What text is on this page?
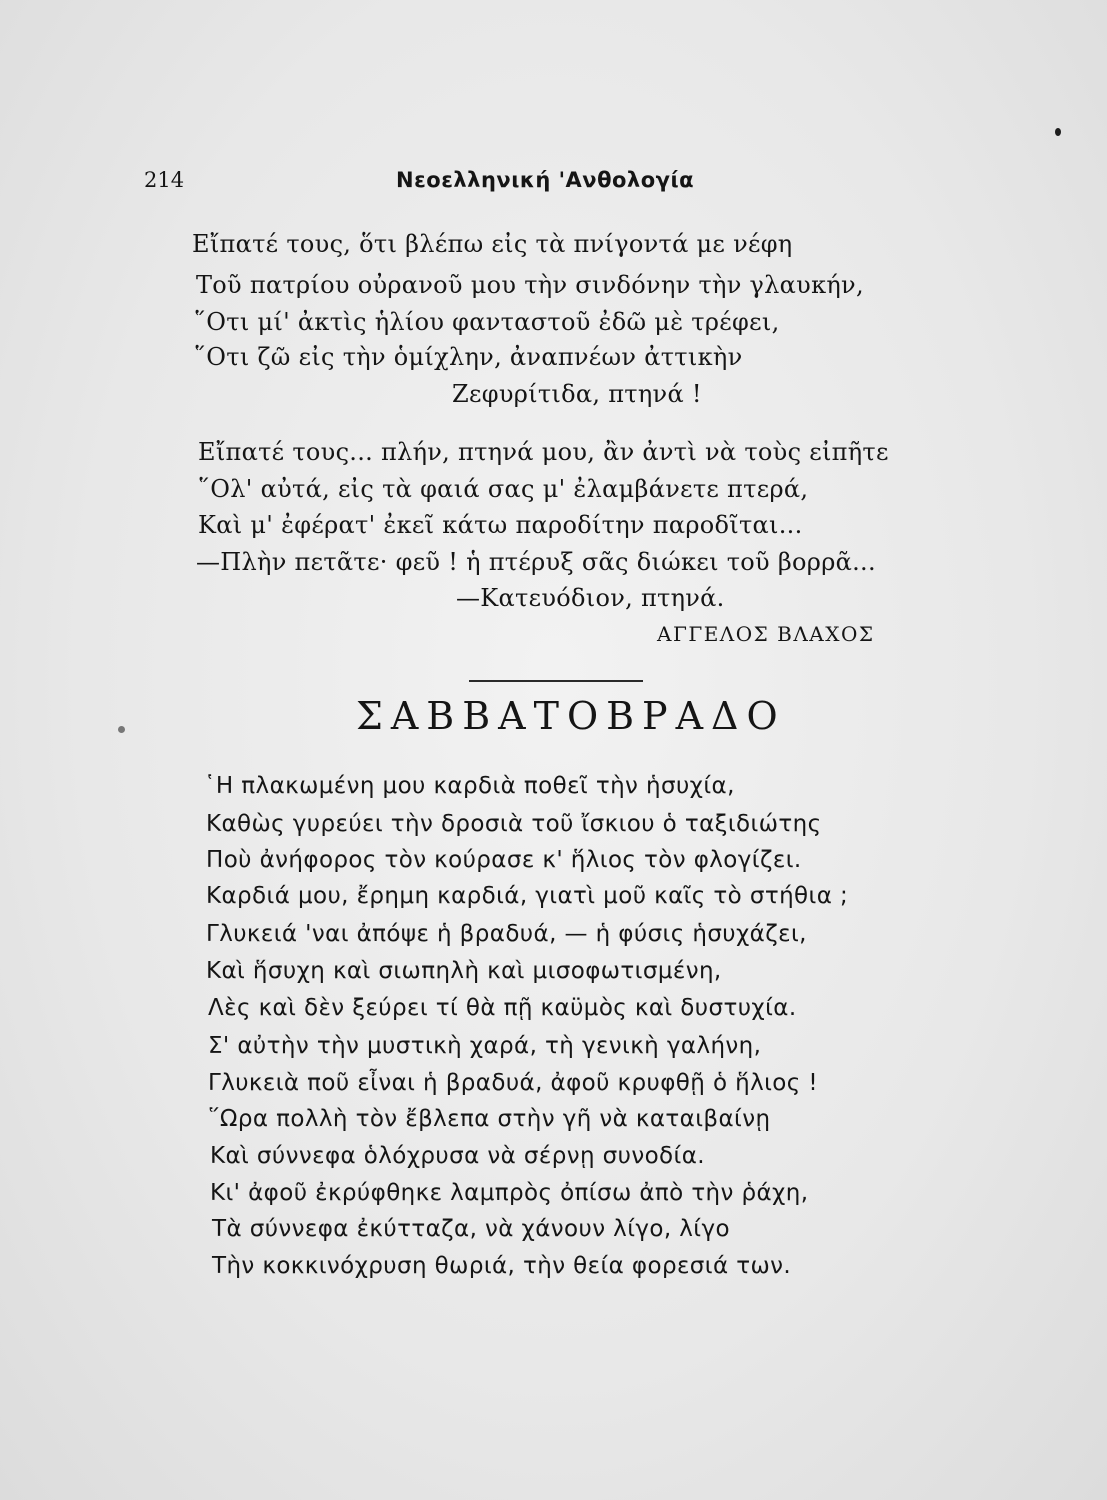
214	Νεοελληνική 'Ανθολογία
Εἴπατέ τους, ὅτι βλέπω εἰς τὰ πνίγοντά με νέφη
Τοῦ πατρίου οὐρανοῦ μου τὴν σινδόνην τὴν γλαυκήν,
῞Οτι μί' ἀκτὶς ἡλίου φανταστοῦ ἐδῶ μὲ τρέφει,
῞Οτι ζῶ εἰς τὴν ὁμίχλην, ἀναπνέων ἀττικὴν
Ζεφυρίτιδα, πτηνά !
Εἴπατέ τους... πλήν, πτηνά μου, ἂν ἀντὶ νὰ τοὺς εἰπῆτε
῞Ολ' αὐτά, εἰς τὰ φαιά σας μ' ἐλαμβάνετε πτερά,
Καὶ μ' ἐφέρατ' ἐκεῖ κάτω παροδίτην παροδῖται...
—Πλὴν πετᾶτε· φεῦ ! ἡ πτέρυξ σᾶς διώκει τοῦ βορρᾶ...
—Κατευόδιον, πτηνά.
ΑΓΓΕΛΟΣ ΒΛΑΧΟΣ
ΣΑΒΒΑΤΟΒΡΑΔΟ
῾Η πλακωμένη μου καρδιὰ ποθεῖ τὴν ἡσυχία,
Καθὼς γυρεύει τὴν δροσιὰ τοῦ ἴσκιου ὁ ταξιδιώτης
Ποὺ ἀνήφορος τὸν κούρασε κ' ἥλιος τὸν φλογίζει.
Καρδιά μου, ἔρημη καρδιά, γιατὶ μοῦ καῖς τὸ στήθια ;
Γλυκειά 'ναι ἀπόψε ἡ βραδυά, — ἡ φύσις ἡσυχάζει,
Καὶ ἥσυχη καὶ σιωπηλὴ καὶ μισοφωτισμένη,
Λὲς καὶ δὲν ξεύρει τί θὰ πῇ καϋμὸς καὶ δυστυχία.
Σ' αὐτὴν τὴν μυστικὴ χαρά, τὴ γενικὴ γαλήνη,
Γλυκειὰ ποῦ εἶναι ἡ βραδυά, ἀφοῦ κρυφθῇ ὁ ἥλιος !
῞Ωρα πολλὴ τὸν ἔβλεπα στὴν γῆ νὰ καταιβαίνῃ
Καὶ σύννεφα ὁλόχρυσα νὰ σέρνῃ συνοδία.
Κι' ἀφοῦ ἐκρύφθηκε λαμπρὸς ὀπίσω ἀπὸ τὴν ῥάχη,
Τὰ σύννεφα ἐκύτταζα, νὰ χάνουν λίγο, λίγο
Τὴν κοκκινόχρυση θωριά, τὴν θεία φορεσιά των.
